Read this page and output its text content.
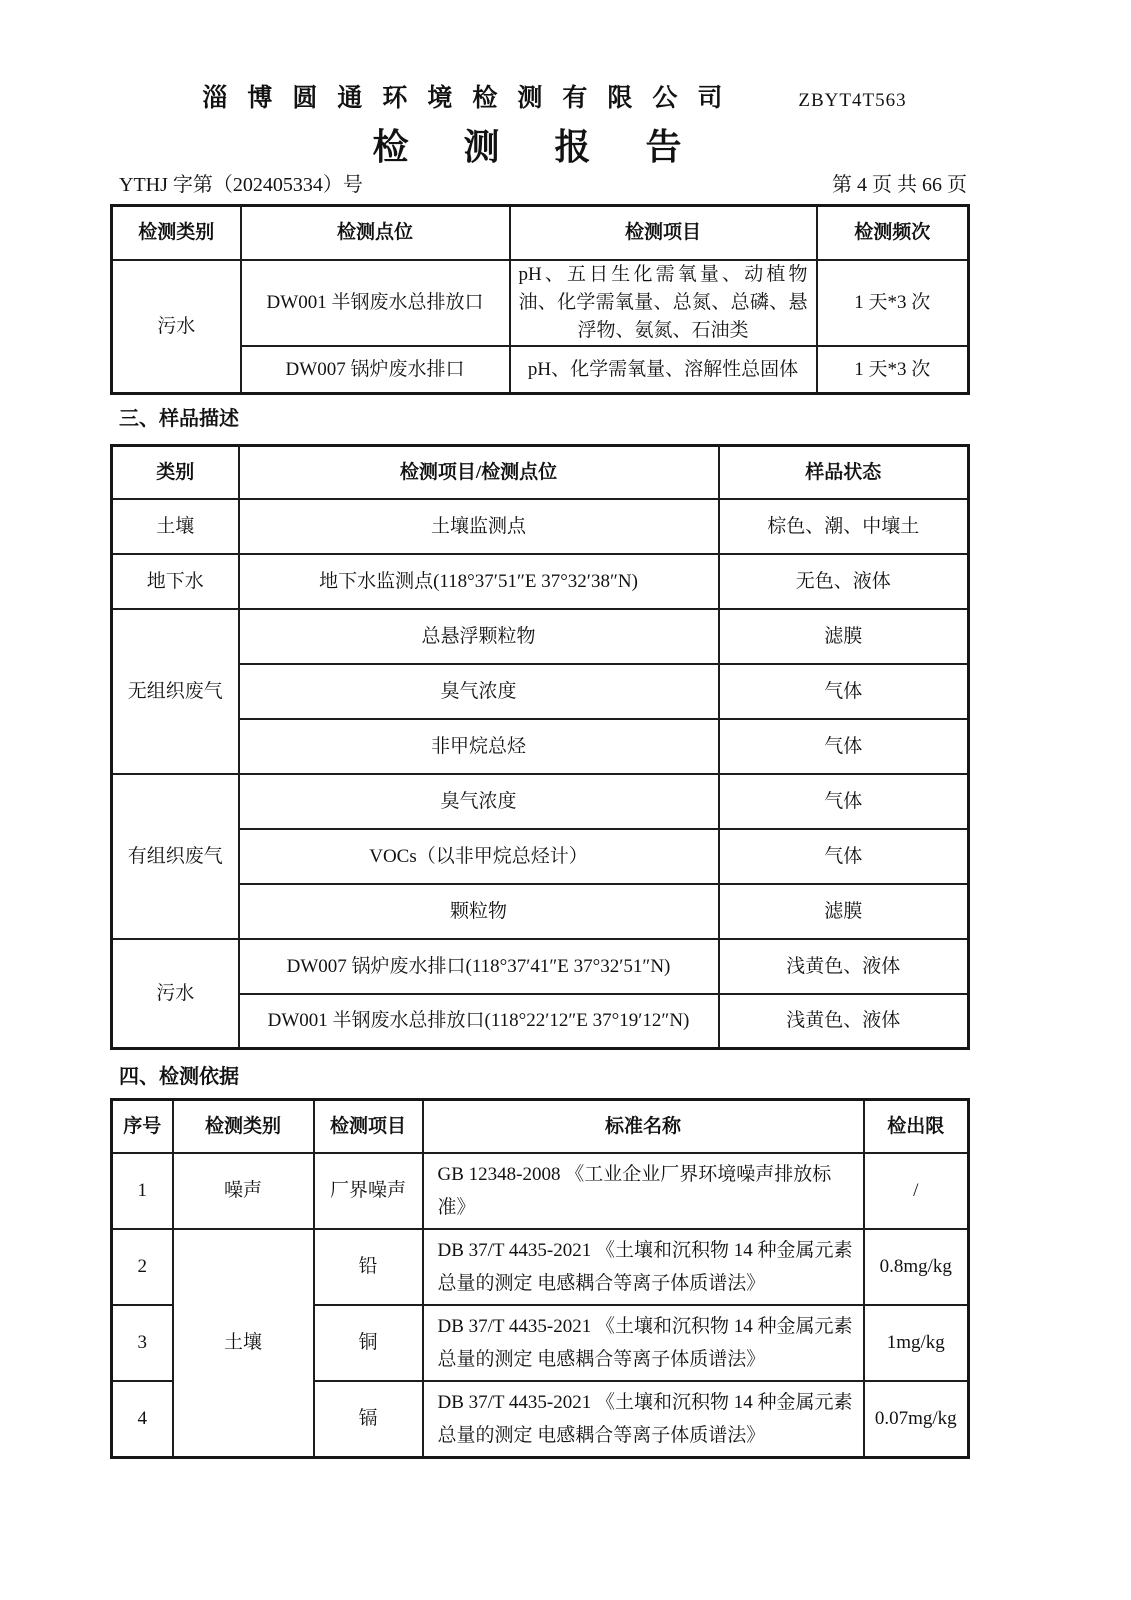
淄博圆通环境检测有限公司	ZBYT4T563
检 测 报 告
YTHJ 字第（202405334）号	第 4 页 共 66 页
检测类别	检测点位	检测项目	检测频次
污水	DW001 半钢废水总排放口	pH、五日生化需氧量、动植物油、化学需氧量、总氮、总磷、悬浮物、氨氮、石油类	1 天*3 次
	DW007 锅炉废水排口	pH、化学需氧量、溶解性总固体	1 天*3 次
三、样品描述
类别	检测项目/检测点位	样品状态
土壤	土壤监测点	棕色、潮、中壤土
地下水	地下水监测点(118°37′51″E 37°32′38″N)	无色、液体
无组织废气	总悬浮颗粒物	滤膜
	臭气浓度	气体
	非甲烷总烃	气体
有组织废气	臭气浓度	气体
	VOCs（以非甲烷总烃计）	气体
	颗粒物	滤膜
污水	DW007 锅炉废水排口(118°37′41″E 37°32′51″N)	浅黄色、液体
	DW001 半钢废水总排放口(118°22′12″E 37°19′12″N)	浅黄色、液体
四、检测依据
序号	检测类别	检测项目	标准名称	检出限
1	噪声	厂界噪声	GB 12348-2008 《工业企业厂界环境噪声排放标准》	/
2	土壤	铅	DB 37/T 4435-2021 《土壤和沉积物 14 种金属元素总量的测定 电感耦合等离子体质谱法》	0.8mg/kg
3		铜	DB 37/T 4435-2021 《土壤和沉积物 14 种金属元素总量的测定 电感耦合等离子体质谱法》	1mg/kg
4		镉	DB 37/T 4435-2021 《土壤和沉积物 14 种金属元素总量的测定 电感耦合等离子体质谱法》	0.07mg/kg
